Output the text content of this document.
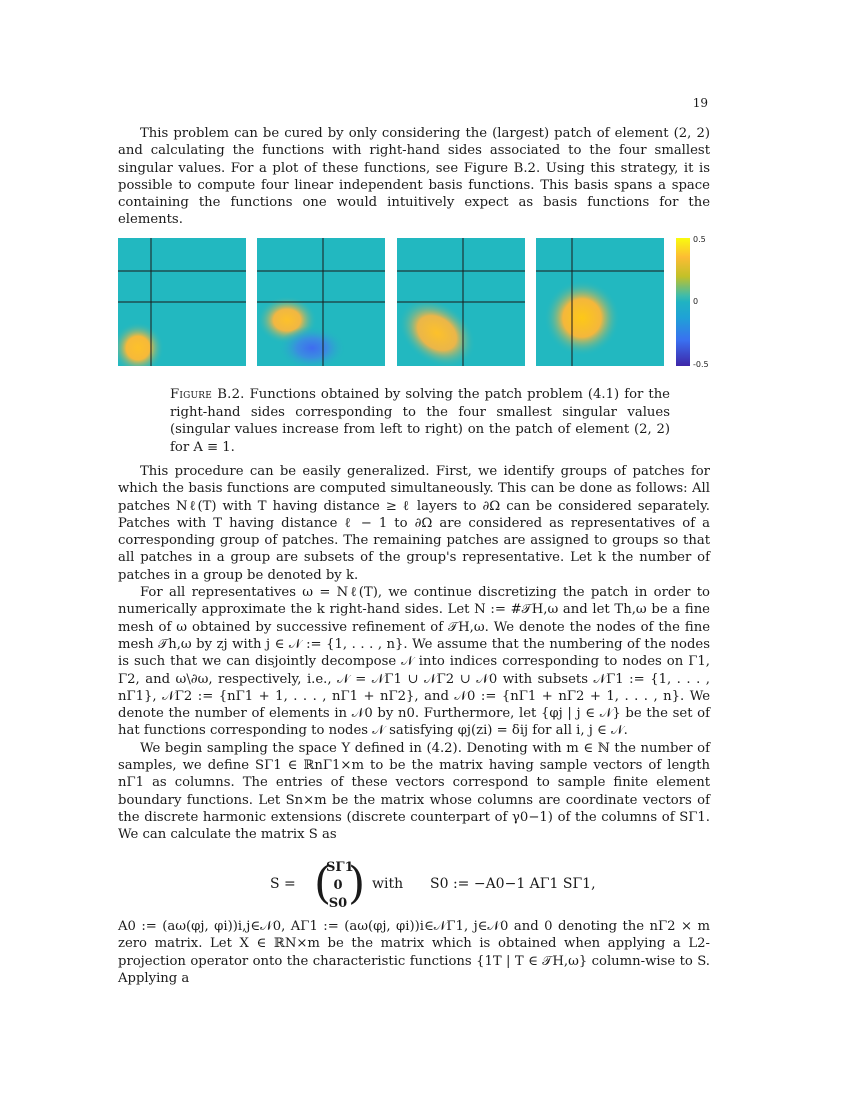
19

This problem can be cured by only considering the (largest) patch of element (2, 2) and calculating the functions with right-hand sides associated to the four smallest singular values. For a plot of these functions, see Figure B.2. Using this strategy, it is possible to compute four linear independent basis functions. This basis spans a space containing the functions one would intuitively expect as basis functions for the elements.

0.5
0
-0.5
Figure B.2. Functions obtained by solving the patch problem (4.1) for the right-hand sides corresponding to the four smallest singular values (singular values increase from left to right) on the patch of element (2, 2) for A ≡ 1.

This procedure can be easily generalized. First, we identify groups of patches for which the basis functions are computed simultaneously. This can be done as follows: All patches Nℓ(T) with T having distance ≥ ℓ layers to ∂Ω can be considered separately. Patches with T having distance ℓ − 1 to ∂Ω are considered as representatives of a corresponding group of patches. The remaining patches are assigned to groups so that all patches in a group are subsets of the group's representative. Let k the number of patches in a group be denoted by k.

For all representatives ω = Nℓ(T), we continue discretizing the patch in order to numerically approximate the k right-hand sides. Let N := #𝒯H,ω and let Th,ω be a fine mesh of ω obtained by successive refinement of 𝒯H,ω. We denote the nodes of the fine mesh 𝒯h,ω by zj with j ∈ 𝒩 := {1, . . . , n}. We assume that the numbering of the nodes is such that we can disjointly decompose 𝒩 into indices corresponding to nodes on Γ1, Γ2, and ω\∂ω, respectively, i.e., 𝒩 = 𝒩Γ1 ∪ 𝒩Γ2 ∪ 𝒩0 with subsets 𝒩Γ1 := {1, . . . , nΓ1}, 𝒩Γ2 := {nΓ1 + 1, . . . , nΓ1 + nΓ2}, and 𝒩0 := {nΓ1 + nΓ2 + 1, . . . , n}. We denote the number of elements in 𝒩0 by n0. Furthermore, let {φj | j ∈ 𝒩} be the set of hat functions corresponding to nodes 𝒩 satisfying φj(zi) = δij for all i, j ∈ 𝒩.

We begin sampling the space Y defined in (4.2). Denoting with m ∈ ℕ the number of samples, we define SΓ1 ∈ ℝnΓ1×m to be the matrix having sample vectors of length nΓ1 as columns. The entries of these vectors correspond to sample finite element boundary functions. Let Sn×m be the matrix whose columns are coordinate vectors of the discrete harmonic extensions (discrete counterpart of γ0−1) of the columns of SΓ1. We can calculate the matrix S as

S = (
SΓ1
0
S0 ) with S0 := −A0−1 AΓ1 SΓ1,

A0 := (aω(φj, φi))i,j∈𝒩0, AΓ1 := (aω(φj, φi))i∈𝒩Γ1, j∈𝒩0 and 0 denoting the nΓ2 × m zero matrix. Let X ∈ ℝN×m be the matrix which is obtained when applying a L2-projection operator onto the characteristic functions {1T | T ∈ 𝒯H,ω} column-wise to S. Applying a
